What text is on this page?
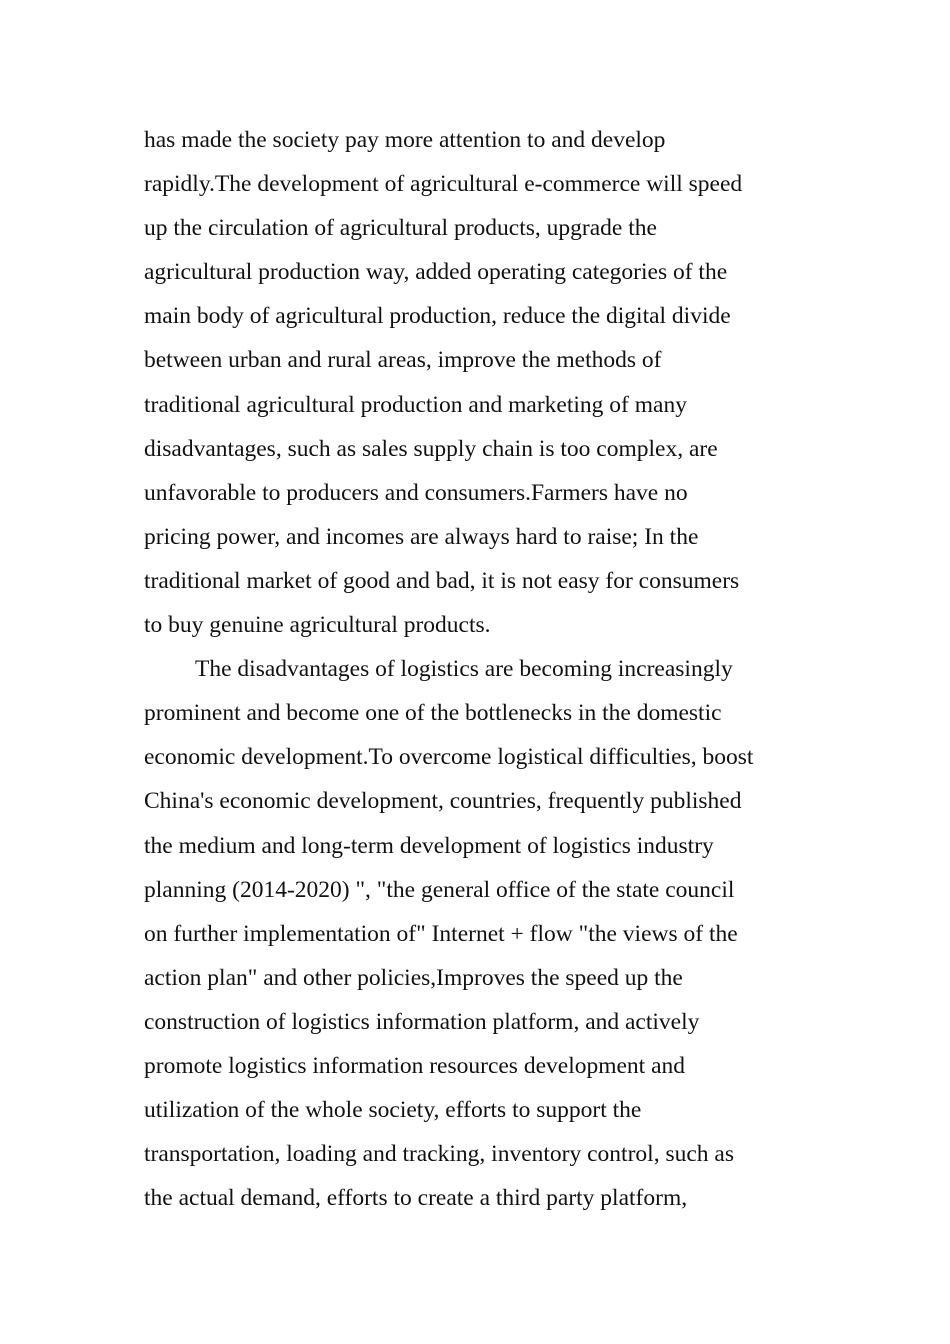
has made the society pay more attention to and develop
rapidly.The development of agricultural e-commerce will speed
up the circulation of agricultural products, upgrade the
agricultural production way, added operating categories of the
main body of agricultural production, reduce the digital divide
between urban and rural areas, improve the methods of
traditional agricultural production and marketing of many
disadvantages, such as sales supply chain is too complex, are
unfavorable to producers and consumers.Farmers have no
pricing power, and incomes are always hard to raise; In the
traditional market of good and bad, it is not easy for consumers
to buy genuine agricultural products.
The disadvantages of logistics are becoming increasingly
prominent and become one of the bottlenecks in the domestic
economic development.To overcome logistical difficulties, boost
China's economic development, countries, frequently published
the medium and long-term development of logistics industry
planning (2014-2020) ", "the general office of the state council
on further implementation of" Internet + flow "the views of the
action plan" and other policies,Improves the speed up the
construction of logistics information platform, and actively
promote logistics information resources development and
utilization of the whole society, efforts to support the
transportation, loading and tracking, inventory control, such as
the actual demand, efforts to create a third party platform,
